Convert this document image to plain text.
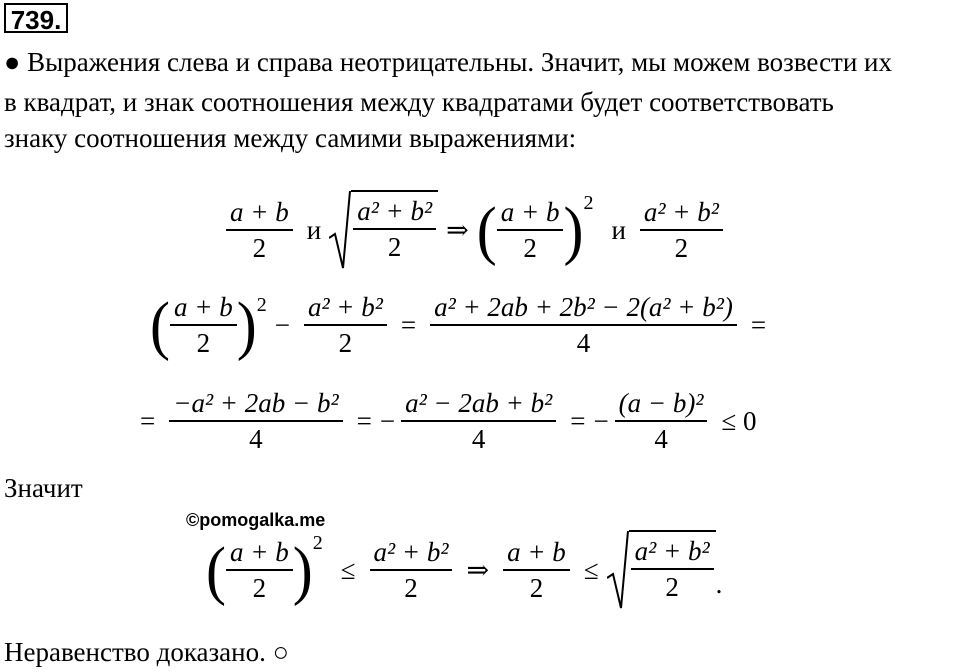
739.
● Выражения слева и справа неотрицательны. Значит, мы можем возвести их
в квадрат, и знак соотношения между квадратами будет соответствовать
знаку соотношения между самими выражениями:
$\frac{a + b}{2}$ и $\frac{\text{a² + b²}}{2}$ ⇒ ( $\frac{a + b}{2}$ ) 2
и $\frac{\text{a² + b²}}{2}$
( $\frac{a + b}{2}$ ) 2
− $\frac{\text{a² + b²}}{2} = \frac{\text{a² + 2ab + 2b² − 2(a² + b²)}}{4}$ =
= $\frac{\text{−a² + 2ab − b²}}{4}$ = − $\frac{\text{a² − 2ab + b²}}{4}$ = − $\frac{\text{(a − b)²}}{4} \le 0$
Значит
©pomogalka.me
( $\frac{a + b}{2}$ ) 2
≤ $\frac{\text{a² + b²}}{2}$ ⇒ $\frac{a + b}{2} \le \frac{\text{a² + b²}}{2}$ .
Неравенство доказано. ○
